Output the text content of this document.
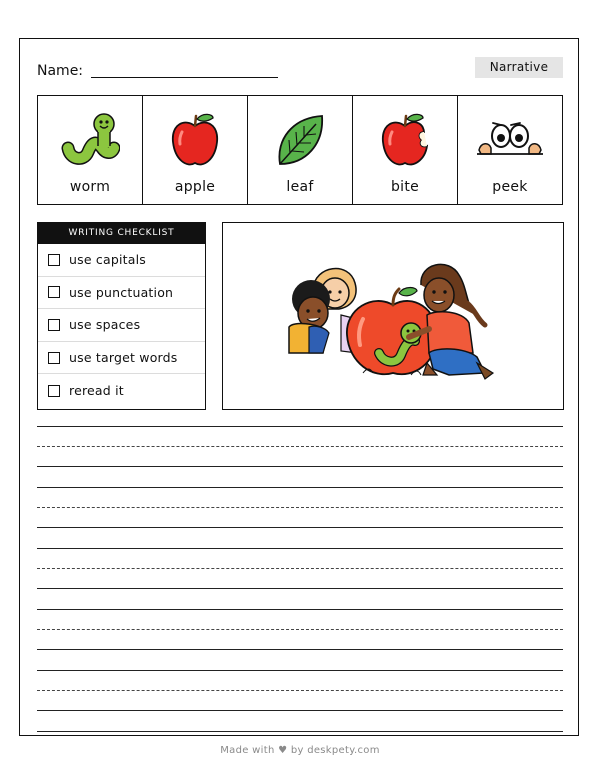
Name:	Narrative
worm	apple	leaf	bite	peek
WRITING CHECKLIST
use capitals
use punctuation
use spaces
use target words
reread it
Made with ♥ by deskpety.com
